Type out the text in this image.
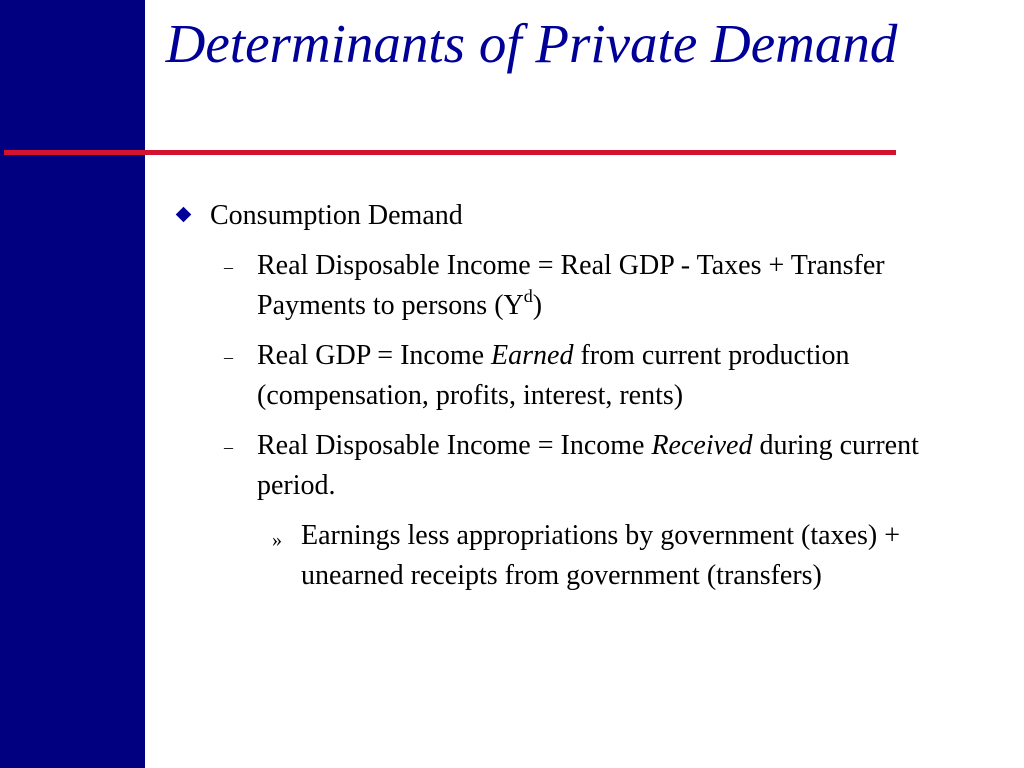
Determinants of Private Demand

Consumption Demand

– Real Disposable Income = Real GDP - Taxes + Transfer Payments to persons $(Y^d)$

– Real GDP = Income Earned from current production (compensation, profits, interest, rents)

– Real Disposable Income = Income Received during current period.

» Earnings less appropriations by government (taxes) + unearned receipts from government (transfers)
